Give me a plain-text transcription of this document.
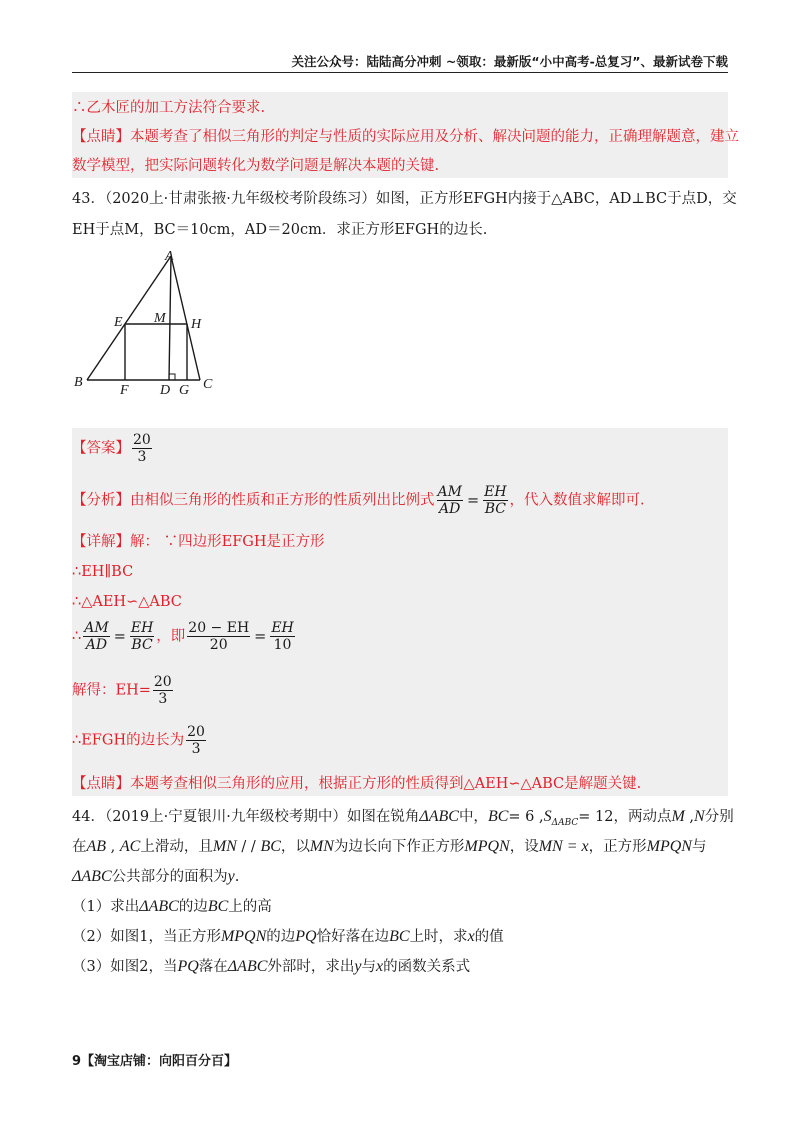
关注公众号：陆陆高分冲刺 ~领取：最新版“小中高考-总复习”、最新试卷下载
∴乙木匠的加工方法符合要求.
【点睛】本题考查了相似三角形的判定与性质的实际应用及分析、解决问题的能力，正确理解题意，建立
数学模型，把实际问题转化为数学问题是解决本题的关键.
43．（2020上·甘肃张掖·九年级校考阶段练习）如图，正方形EFGH内接于△ABC，AD⊥BC于点D，交
EH于点M，BC＝10cm，AD＝20cm．求正方形EFGH的边长.
A
E M H
B
F D G C
【答案】 $\frac{20}{3}$
【分析】由相似三角形的性质和正方形的性质列出比例式 $\frac{AM}{AD} = \frac{EH}{BC}$ ，代入数值求解即可.
【详解】解： ∵四边形EFGH是正方形
∴EH∥BC
∴△AEH∽△ABC
∴ $\frac{AM}{AD} = \frac{EH}{BC}$ ，即 $\frac{20 - EH}{20} = \frac{EH}{10}$
解得：$EH= \frac{20}{3}$
∴EFGH的边长为 $\frac{20}{3}$
【点睛】本题考查相似三角形的应用，根据正方形的性质得到△AEH∽△ABC是解题关键.
44．（2019上·宁夏银川·九年级校考期中）如图在锐角ΔABC中，BC= 6 $,S_{\Delta ABC}= 12$，两动点M ,N分别
在AB , AC上滑动，且MN / / BC，以MN为边长向下作正方形MPQN，设MN = x，正方形MPQN与
ΔABC公共部分的面积为y.
（1）求出ΔABC的边BC上的高
（2）如图1，当正方形MPQN的边PQ恰好落在边BC上时，求x的值
（3）如图2，当PQ落在ΔABC外部时，求出y与x的函数关系式
9【淘宝店铺：向阳百分百】
